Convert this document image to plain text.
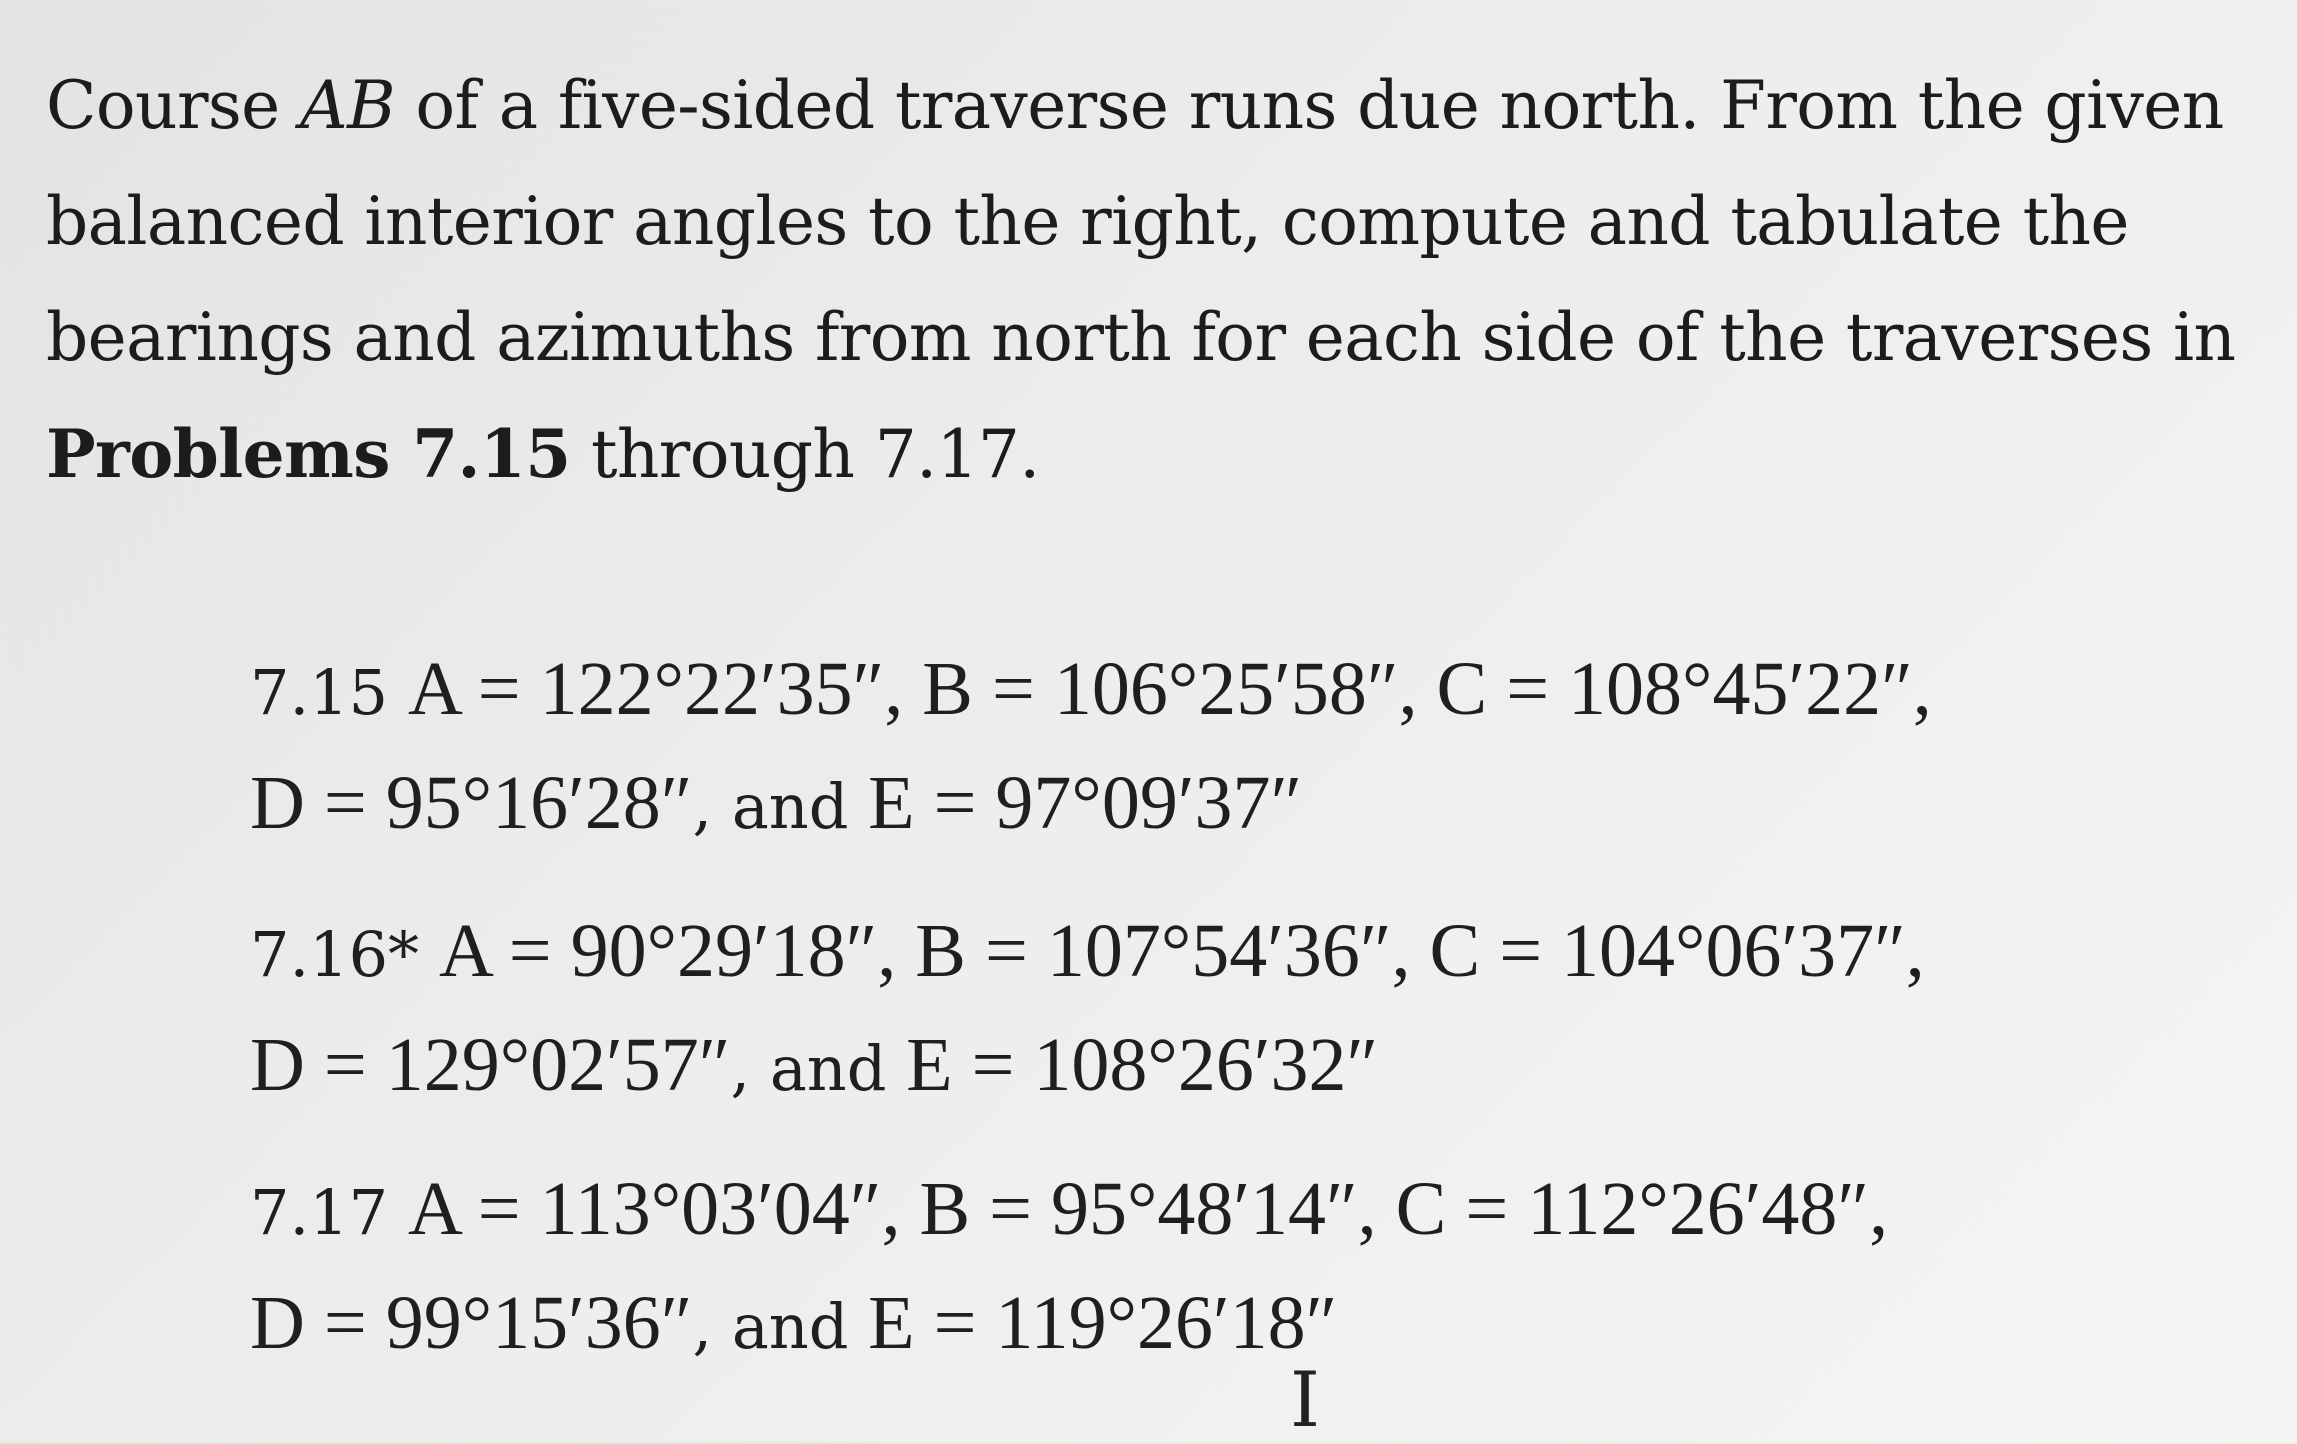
Course AB of a five-sided traverse runs due north. From the given balanced interior angles to the right, compute and tabulate the bearings and azimuths from north for each side of the traverses in Problems 7.15 through 7.17.

7.15 A = 122°22′35″, B = 106°25′58″, C = 108°45′22″,
D = 95°16′28″, and E = 97°09′37″
7.16* A = 90°29′18″, B = 107°54′36″, C = 104°06′37″,
D = 129°02′57″, and E = 108°26′32″
7.17 A = 113°03′04″, B = 95°48′14″, C = 112°26′48″,
D = 99°15′36″, and E = 119°26′18″
I
